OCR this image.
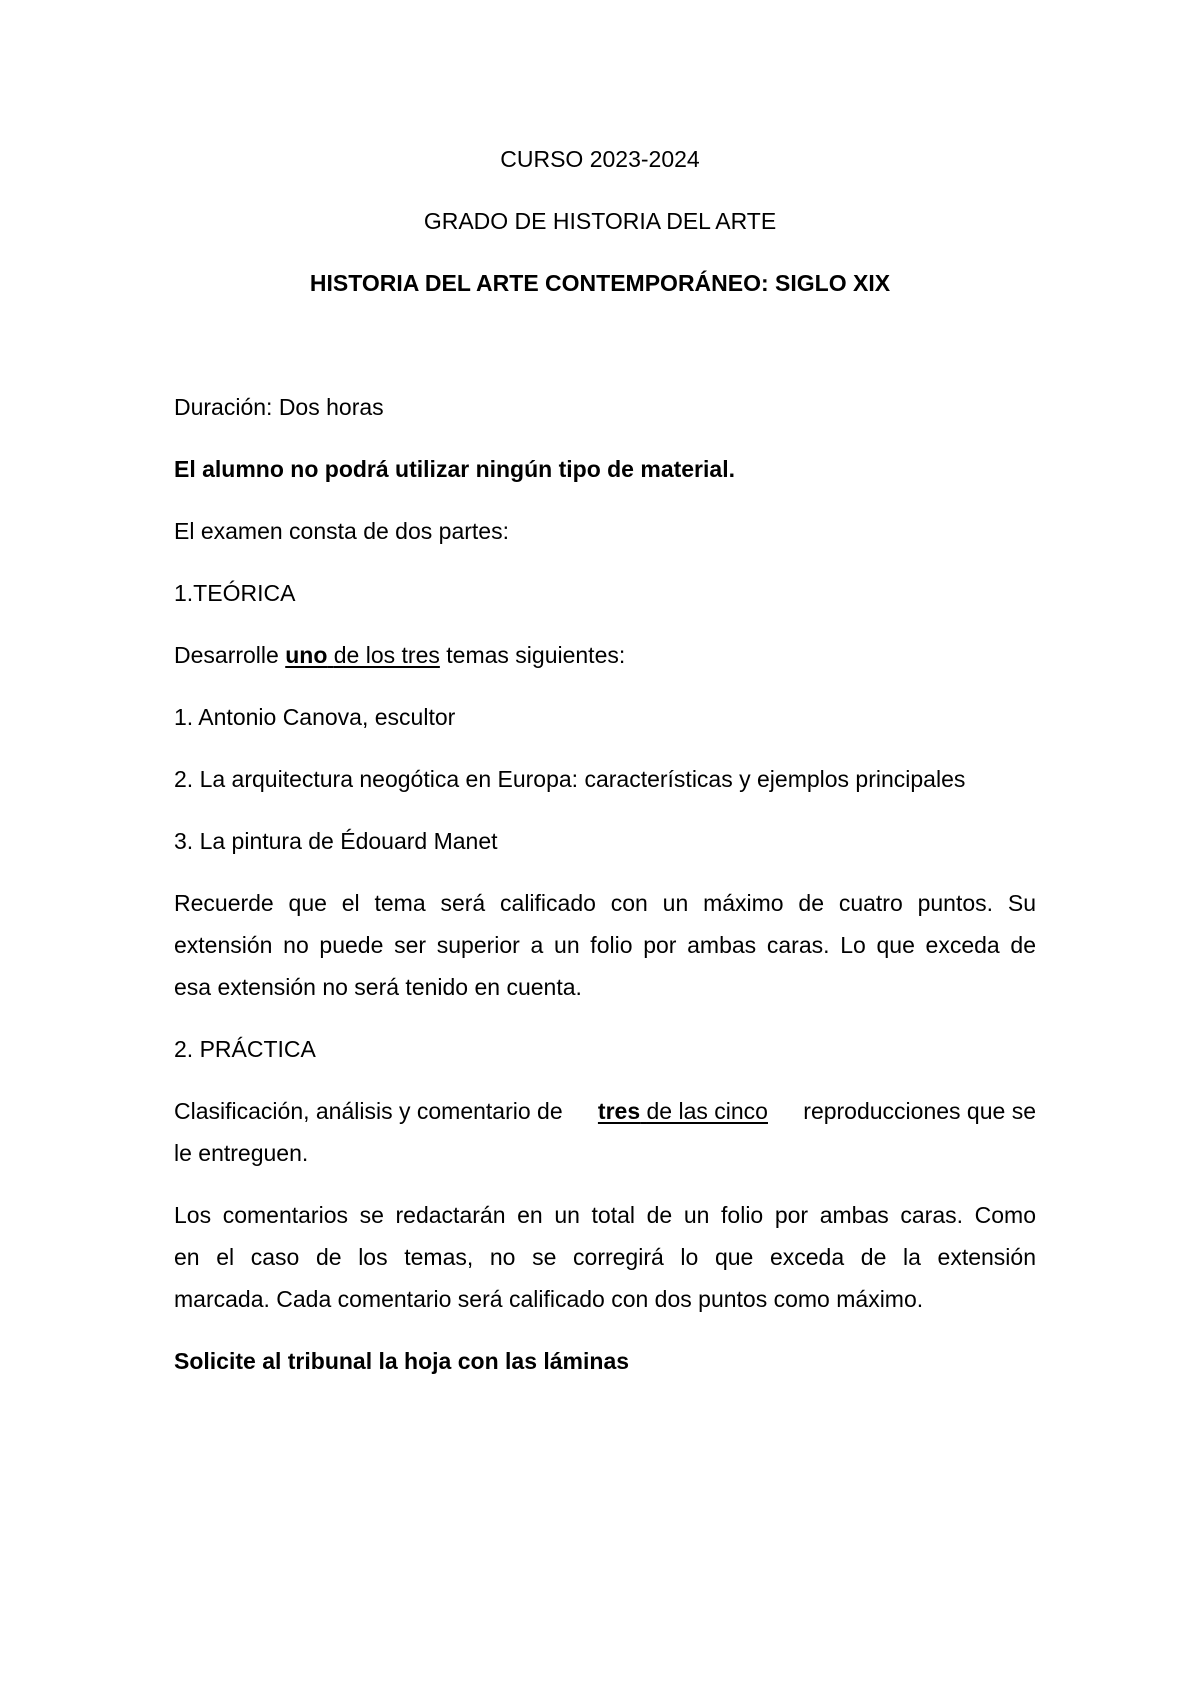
CURSO 2023-2024
GRADO DE HISTORIA DEL ARTE
HISTORIA DEL ARTE CONTEMPORÁNEO: SIGLO XIX
Duración: Dos horas
El alumno no podrá utilizar ningún tipo de material.
El examen consta de dos partes:
1.TEÓRICA
Desarrolle uno de los tres temas siguientes:
1. Antonio Canova, escultor
2. La arquitectura neogótica en Europa: características y ejemplos principales
3. La pintura de Édouard Manet
Recuerde que el tema será calificado con un máximo de cuatro puntos. Su
extensión no puede ser superior a un folio por ambas caras. Lo que exceda de
esa extensión no será tenido en cuenta.
2. PRÁCTICA
Clasificación, análisis y comentario de tres de las cinco reproducciones que se
le entreguen.
Los comentarios se redactarán en un total de un folio por ambas caras. Como
en el caso de los temas, no se corregirá lo que exceda de la extensión
marcada. Cada comentario será calificado con dos puntos como máximo.
Solicite al tribunal la hoja con las láminas
